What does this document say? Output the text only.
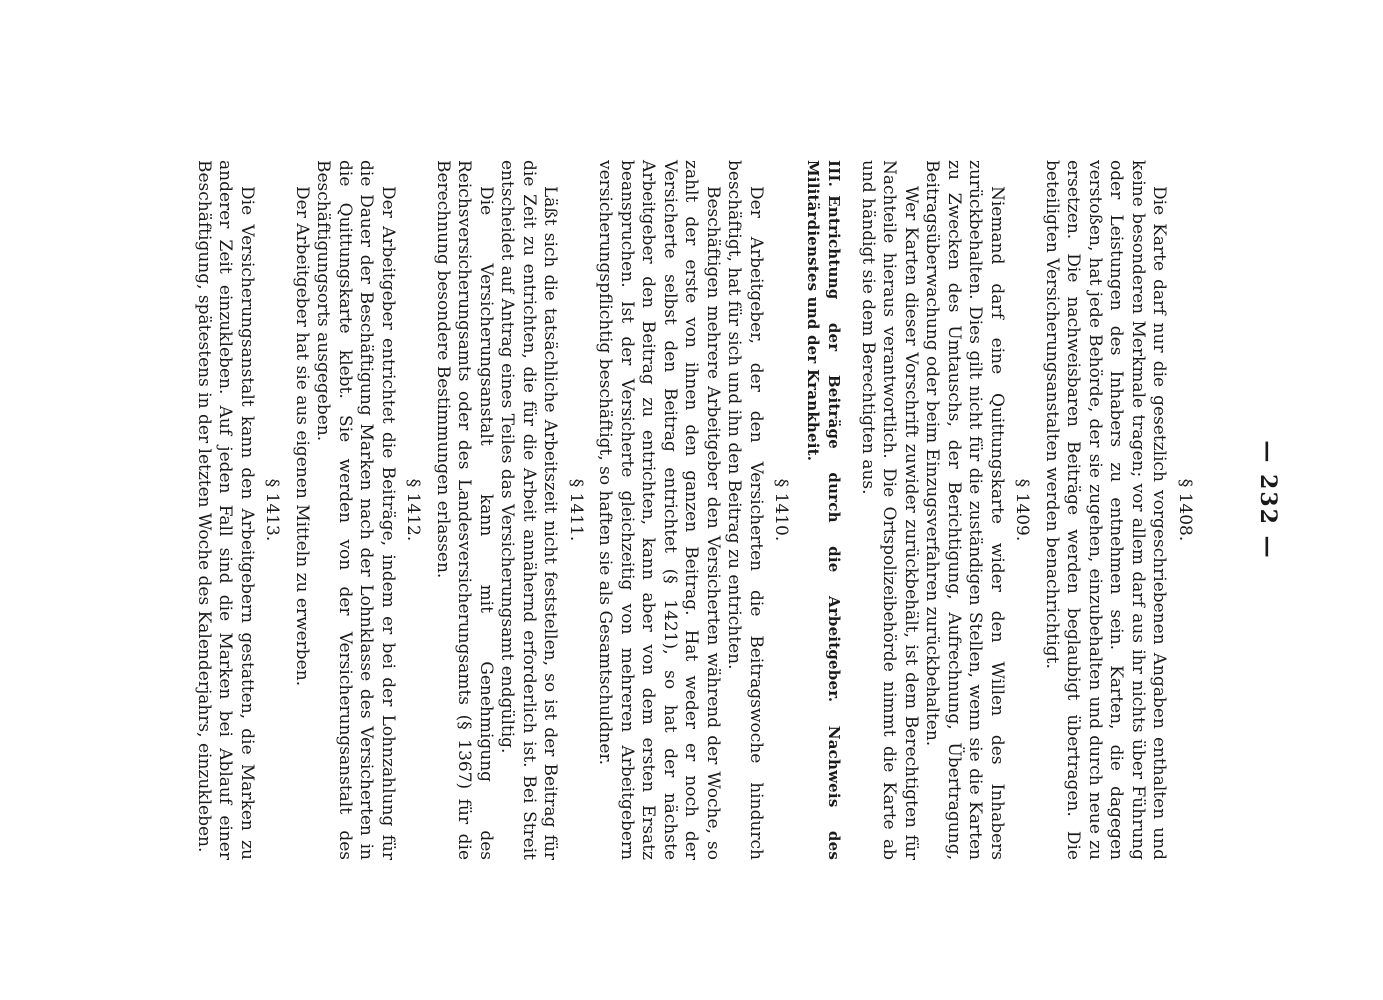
— 232 —
§ 1408.

Die Karte darf nur die gesetzlich vorgeschriebenen Angaben enthalten und keine besonderen Merkmale tragen; vor allem darf aus ihr nichts über Führung oder Leistungen des Inhabers zu entnehmen sein. Karten, die dagegen verstoßen, hat jede Behörde, der sie zugehen, einzubehalten und durch neue zu ersetzen. Die nachweisbaren Beiträge werden beglaubigt übertragen. Die beteiligten Versicherungsanstalten werden benachrichtigt.

§ 1409.

Niemand darf eine Quittungskarte wider den Willen des Inhabers zurückbehalten. Dies gilt nicht für die zuständigen Stellen, wenn sie die Karten zu Zwecken des Umtauschs, der Berichtigung, Aufrechnung, Übertragung, Beitragsüberwachung oder beim Einzugsverfahren zurückbehalten.

Wer Karten dieser Vorschrift zuwider zurückbehält, ist dem Berechtigten für Nachteile hieraus verantwortlich. Die Ortspolizeibehörde nimmt die Karte ab und händigt sie dem Berechtigten aus.

III.Entrichtung der Beiträge durch die Arbeitgeber. Nachweis des Militärdienstes und der Krankheit.
§ 1410.

Der Arbeitgeber, der den Versicherten die Beitragswoche hindurch beschäftigt, hat für sich und ihn den Beitrag zu entrichten.

Beschäftigen mehrere Arbeitgeber den Versicherten während der Woche, so zahlt der erste von ihnen den ganzen Beitrag. Hat weder er noch der Versicherte selbst den Beitrag entrichtet (§ 1421), so hat der nächste Arbeitgeber den Beitrag zu entrichten, kann aber von dem ersten Ersatz beanspruchen. Ist der Versicherte gleichzeitig von mehreren Arbeitgebern versicherungspflichtig beschäftigt, so haften sie als Gesamtschuldner.

§ 1411.

Läßt sich die tatsächliche Arbeitszeit nicht feststellen, so ist der Beitrag für die Zeit zu entrichten, die für die Arbeit annähernd erforderlich ist. Bei Streit entscheidet auf Antrag eines Teiles das Versicherungsamt endgültig.

Die Versicherungsanstalt kann mit Genehmigung des Reichsversicherungsamts oder des Landesversicherungsamts (§ 1367) für die Berechnung besondere Bestimmungen erlassen.

§ 1412.

Der Arbeitgeber entrichtet die Beiträge, indem er bei der Lohnzahlung für die Dauer der Beschäftigung Marken nach der Lohnklasse des Versicherten in die Quittungskarte klebt. Sie werden von der Versicherungsanstalt des Beschäftigungsorts ausgegeben.

Der Arbeitgeber hat sie aus eigenen Mitteln zu erwerben.

§ 1413.

Die Versicherungsanstalt kann den Arbeitgebern gestatten, die Marken zu anderer Zeit einzukleben. Auf jeden Fall sind die Marken bei Ablauf einer Beschäftigung, spätestens in der letzten Woche des Kalenderjahrs, einzukleben.
